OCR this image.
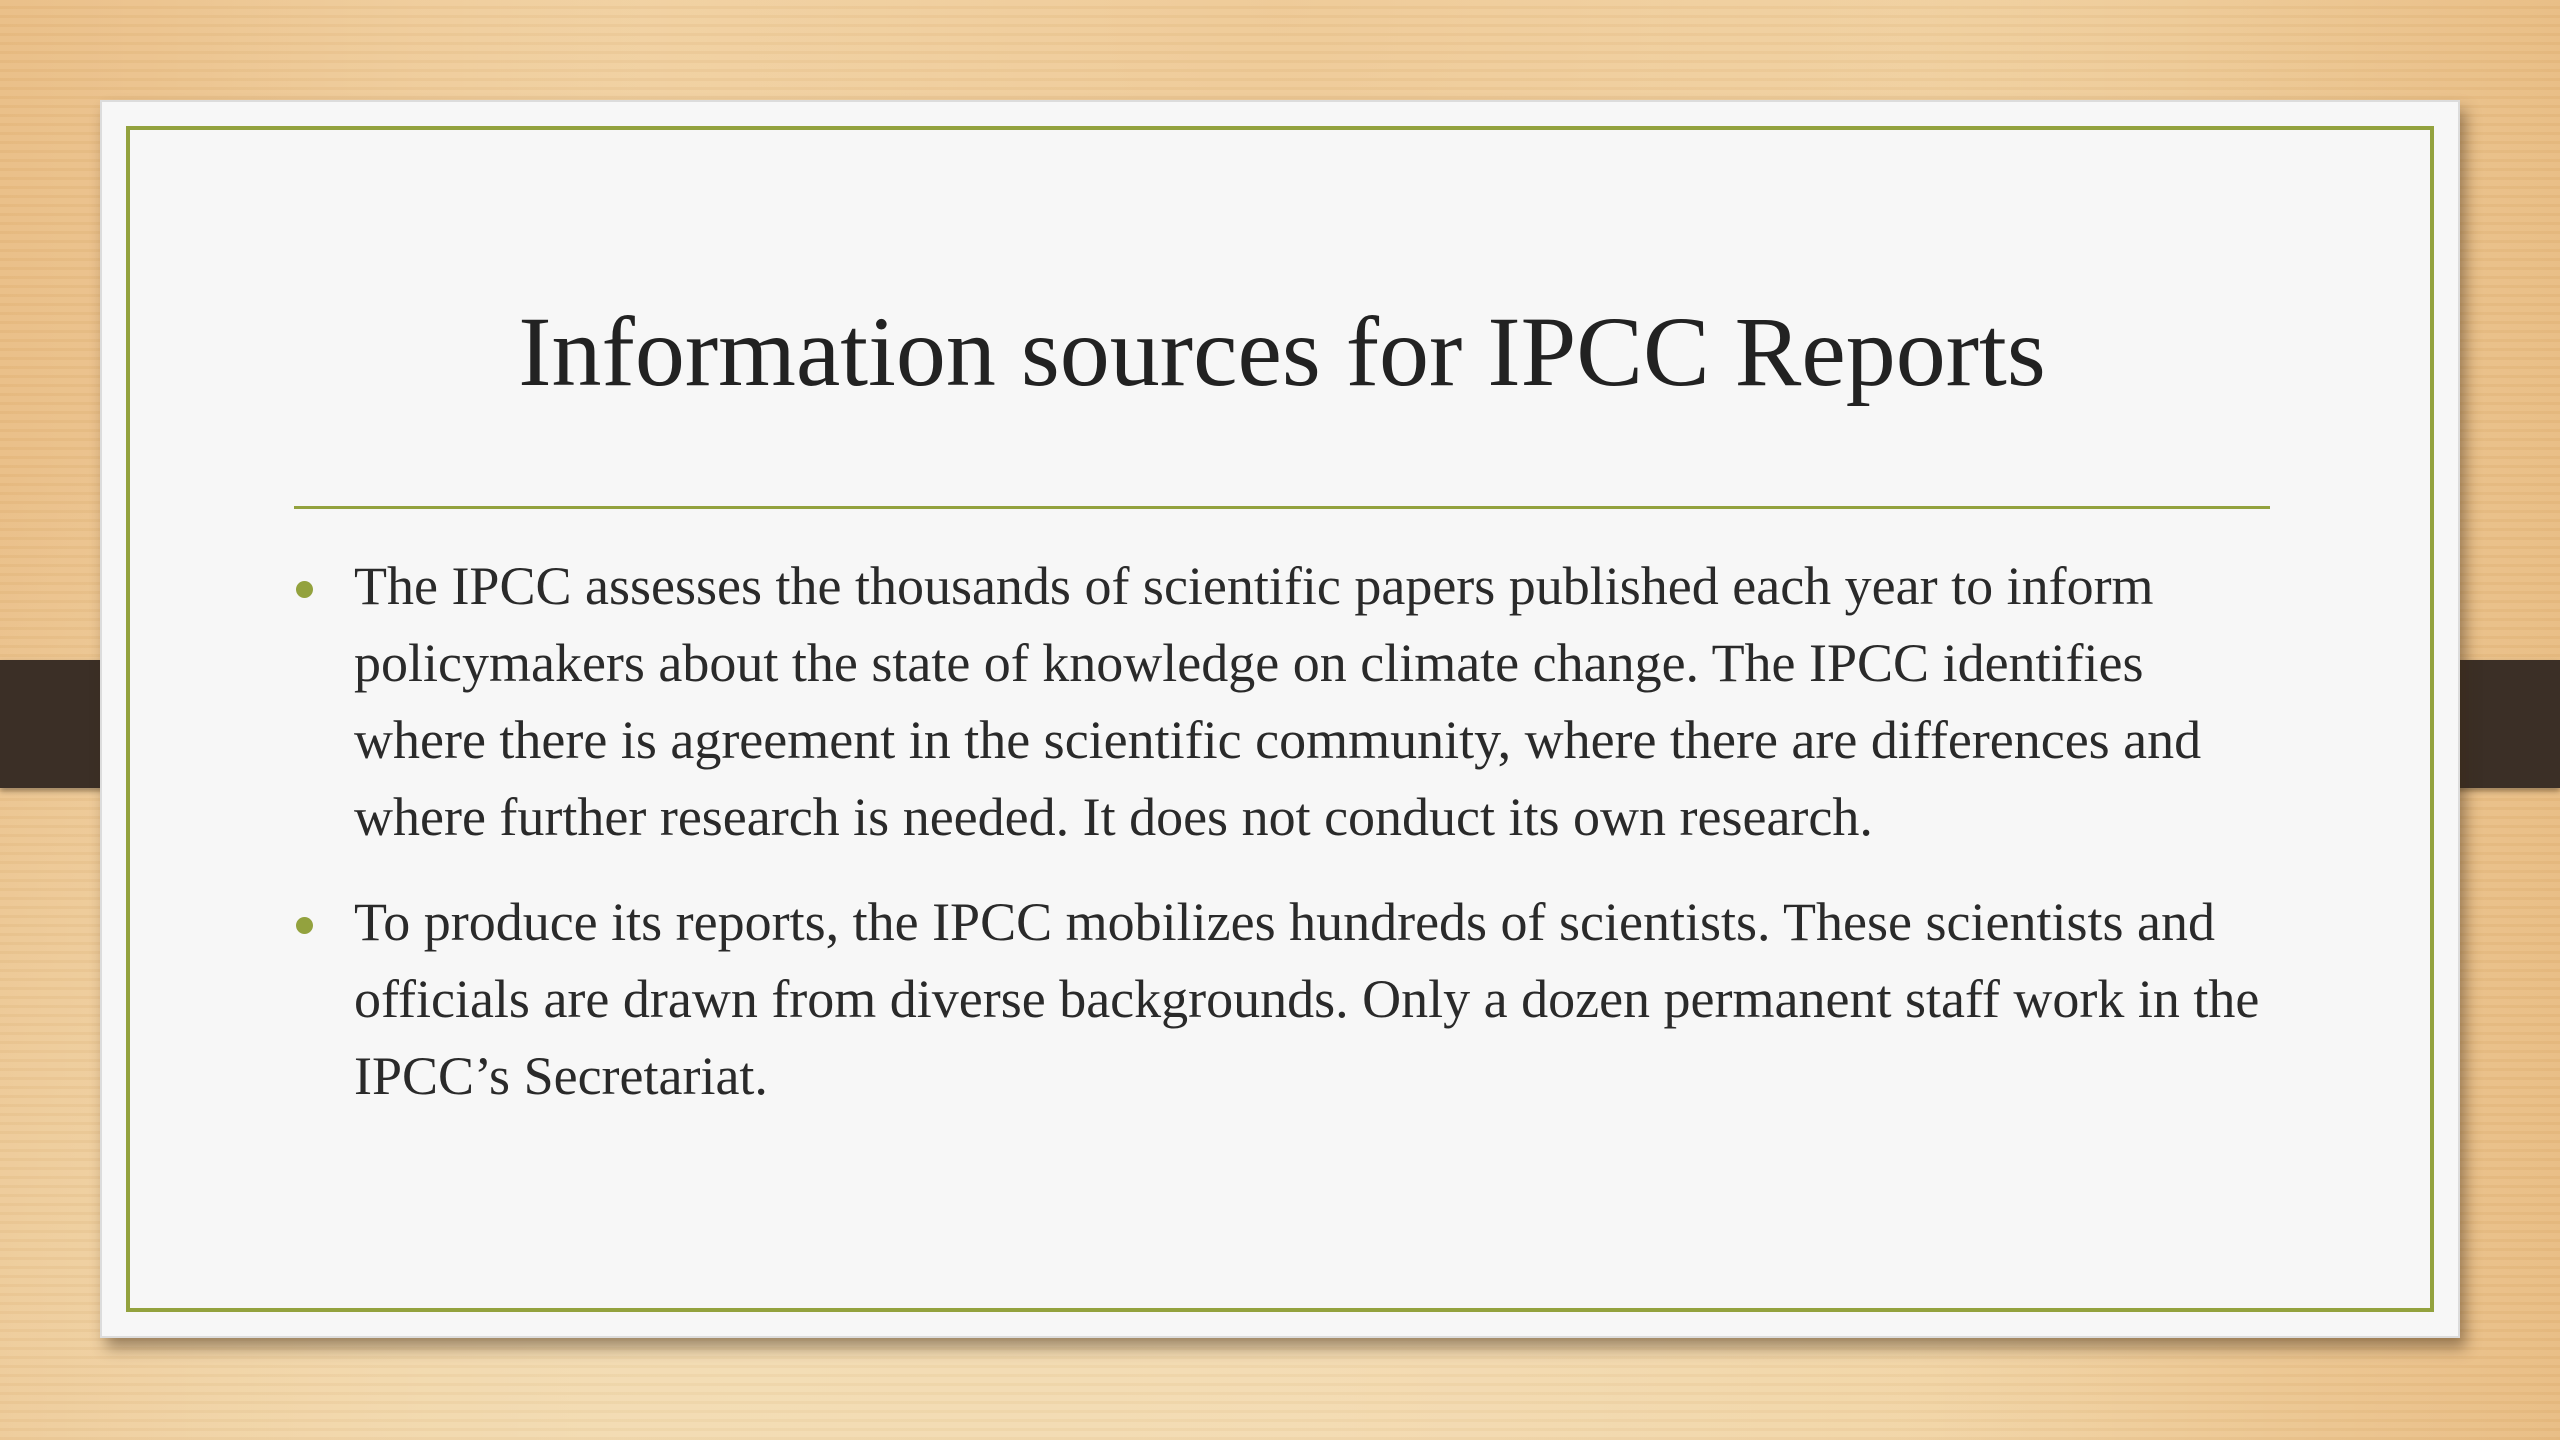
Information sources for IPCC Reports
The IPCC assesses the thousands of scientific papers published each year to inform policymakers about the state of knowledge on climate change. The IPCC identifies where there is agreement in the scientific community, where there are differences and where further research is needed. It does not conduct its own research.
To produce its reports, the IPCC mobilizes hundreds of scientists. These scientists and officials are drawn from diverse backgrounds. Only a dozen permanent staff work in the IPCC’s Secretariat.
